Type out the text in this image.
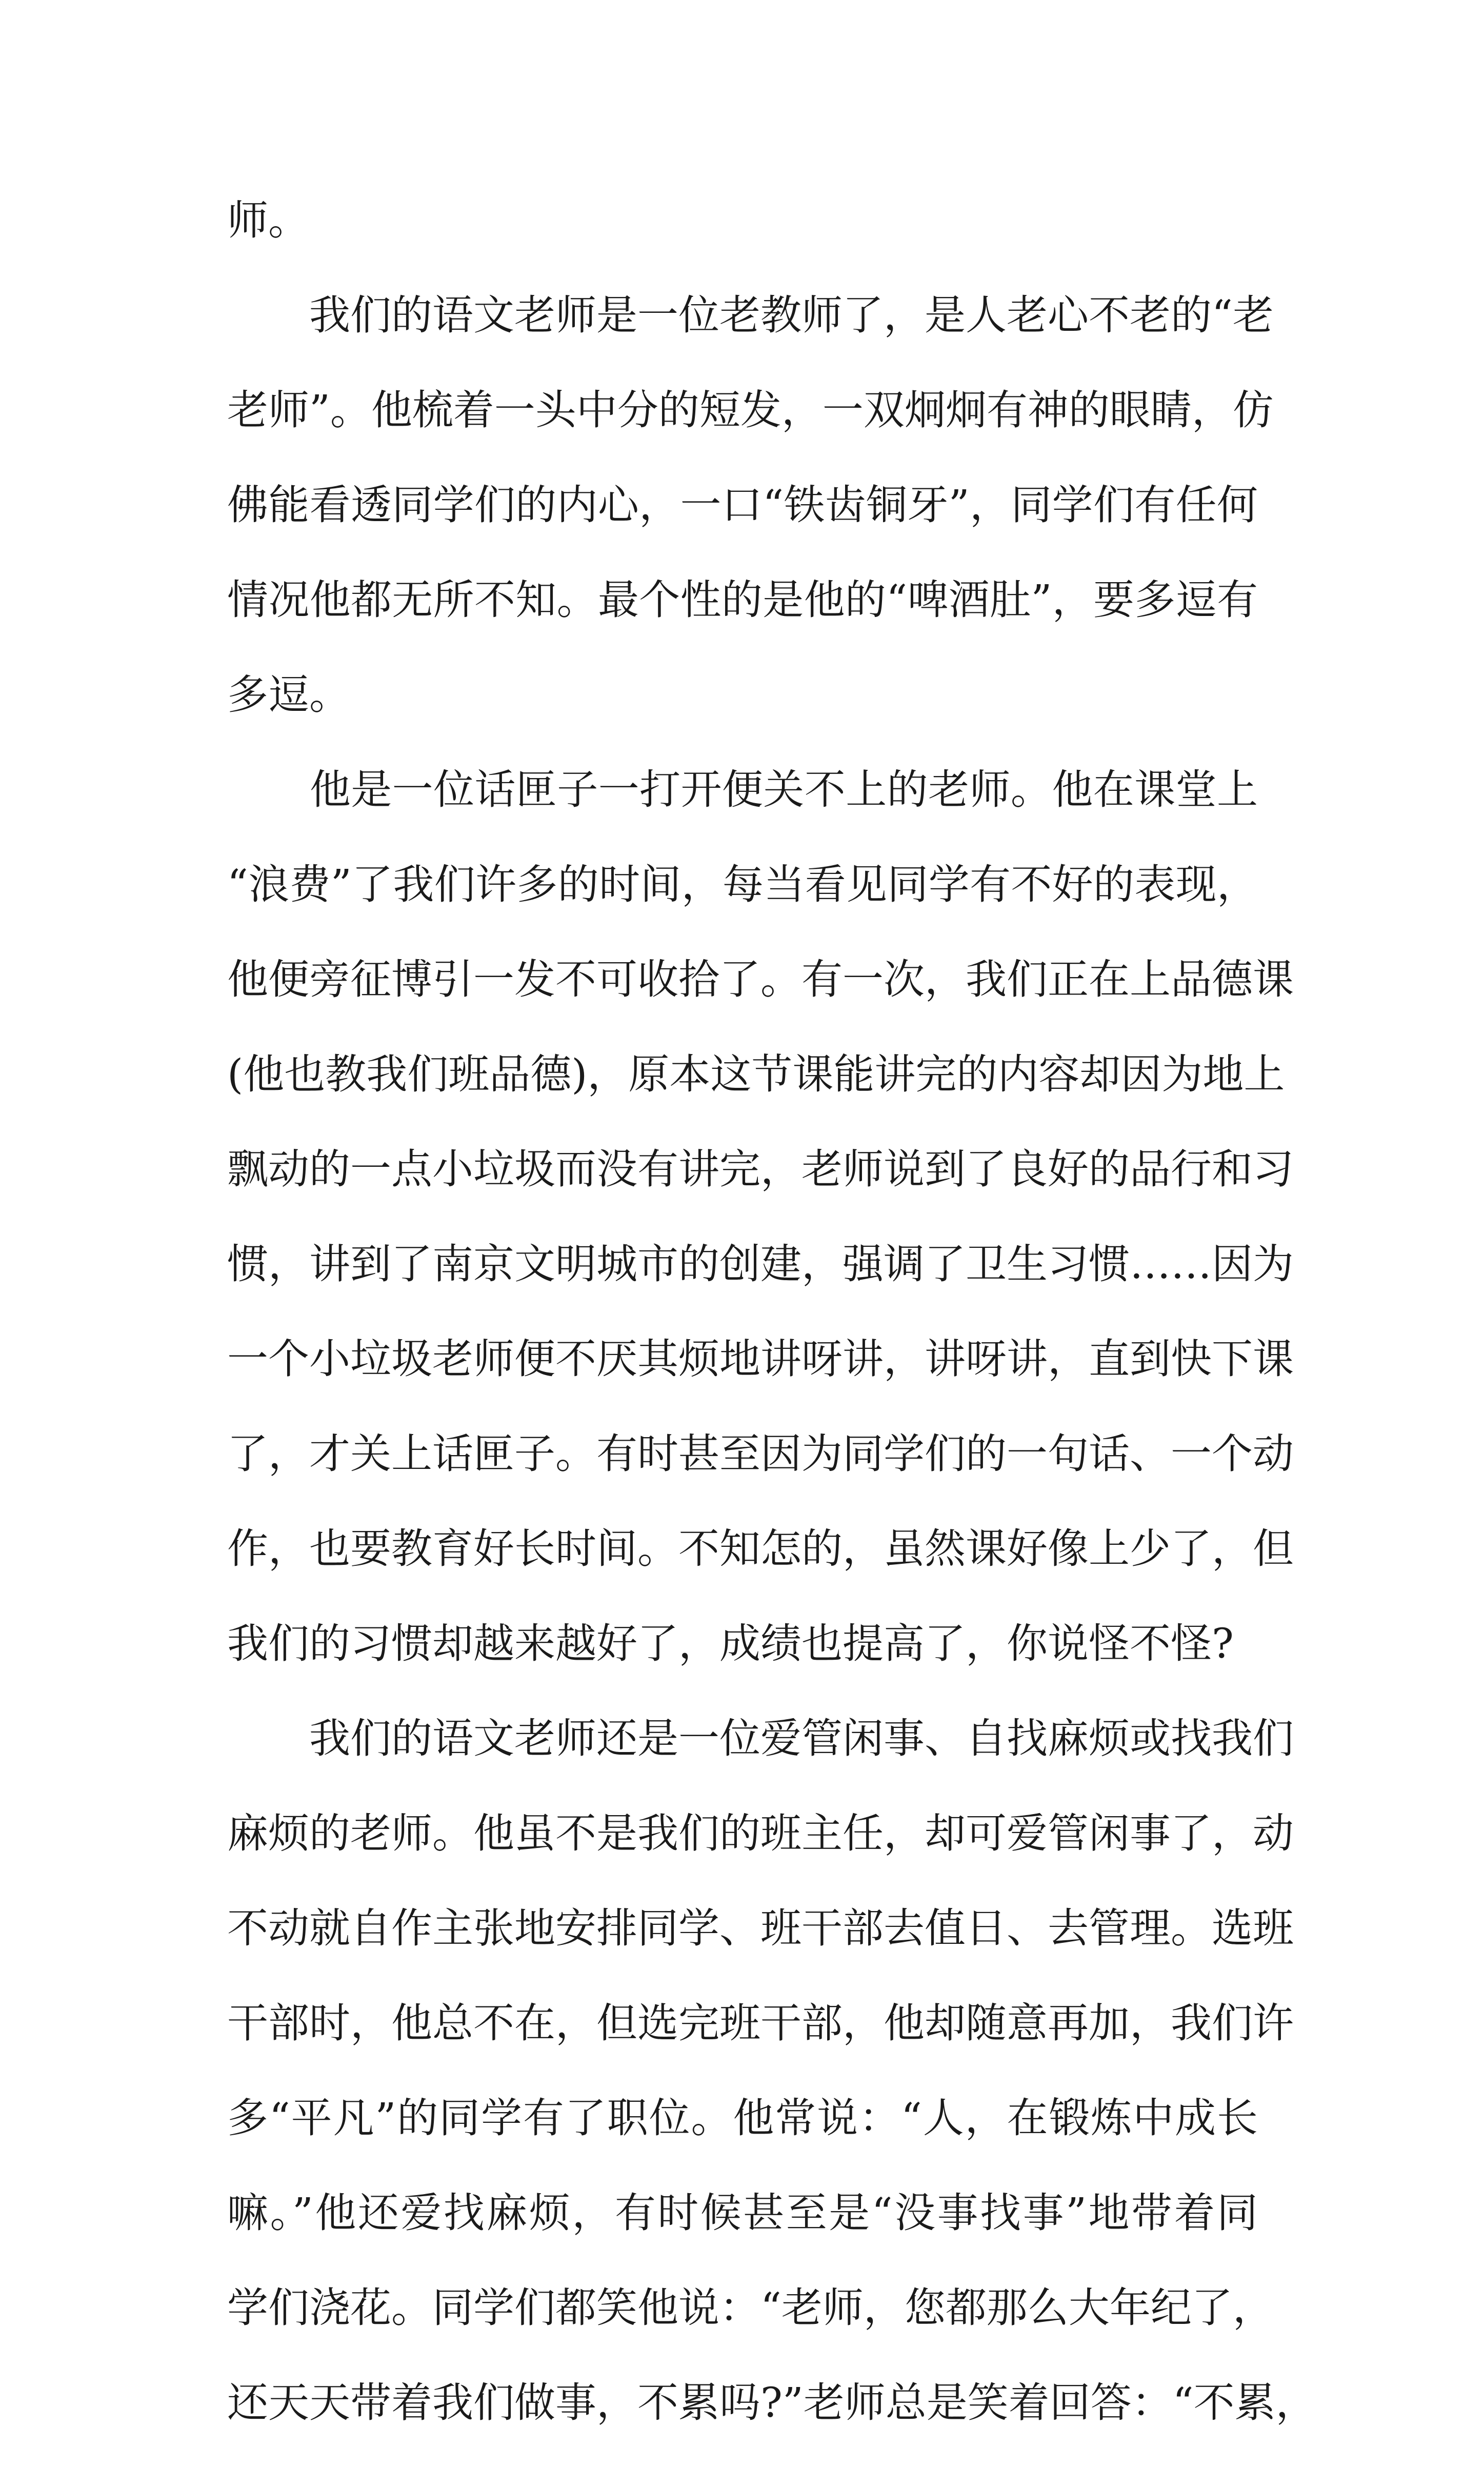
师。
　　我们的语文老师是一位老教师了，是人老心不老的“老
老师”。他梳着一头中分的短发，一双炯炯有神的眼睛，仿
佛能看透同学们的内心，一口“铁齿铜牙”，同学们有任何
情况他都无所不知。最个性的是他的“啤酒肚”，要多逗有
多逗。
　　他是一位话匣子一打开便关不上的老师。他在课堂上
“浪费”了我们许多的时间，每当看见同学有不好的表现，
他便旁征博引一发不可收拾了。有一次，我们正在上品德课
(他也教我们班品德)，原本这节课能讲完的内容却因为地上
飘动的一点小垃圾而没有讲完，老师说到了良好的品行和习
惯，讲到了南京文明城市的创建，强调了卫生习惯……因为
一个小垃圾老师便不厌其烦地讲呀讲，讲呀讲，直到快下课
了，才关上话匣子。有时甚至因为同学们的一句话、一个动
作，也要教育好长时间。不知怎的，虽然课好像上少了，但
我们的习惯却越来越好了，成绩也提高了，你说怪不怪?
　　我们的语文老师还是一位爱管闲事、自找麻烦或找我们
麻烦的老师。他虽不是我们的班主任，却可爱管闲事了，动
不动就自作主张地安排同学、班干部去值日、去管理。选班
干部时，他总不在，但选完班干部，他却随意再加，我们许
多“平凡”的同学有了职位。他常说：“人，在锻炼中成长
嘛。”他还爱找麻烦，有时候甚至是“没事找事”地带着同
学们浇花。同学们都笑他说：“老师，您都那么大年纪了，
还天天带着我们做事，不累吗?”老师总是笑着回答：“不累，
